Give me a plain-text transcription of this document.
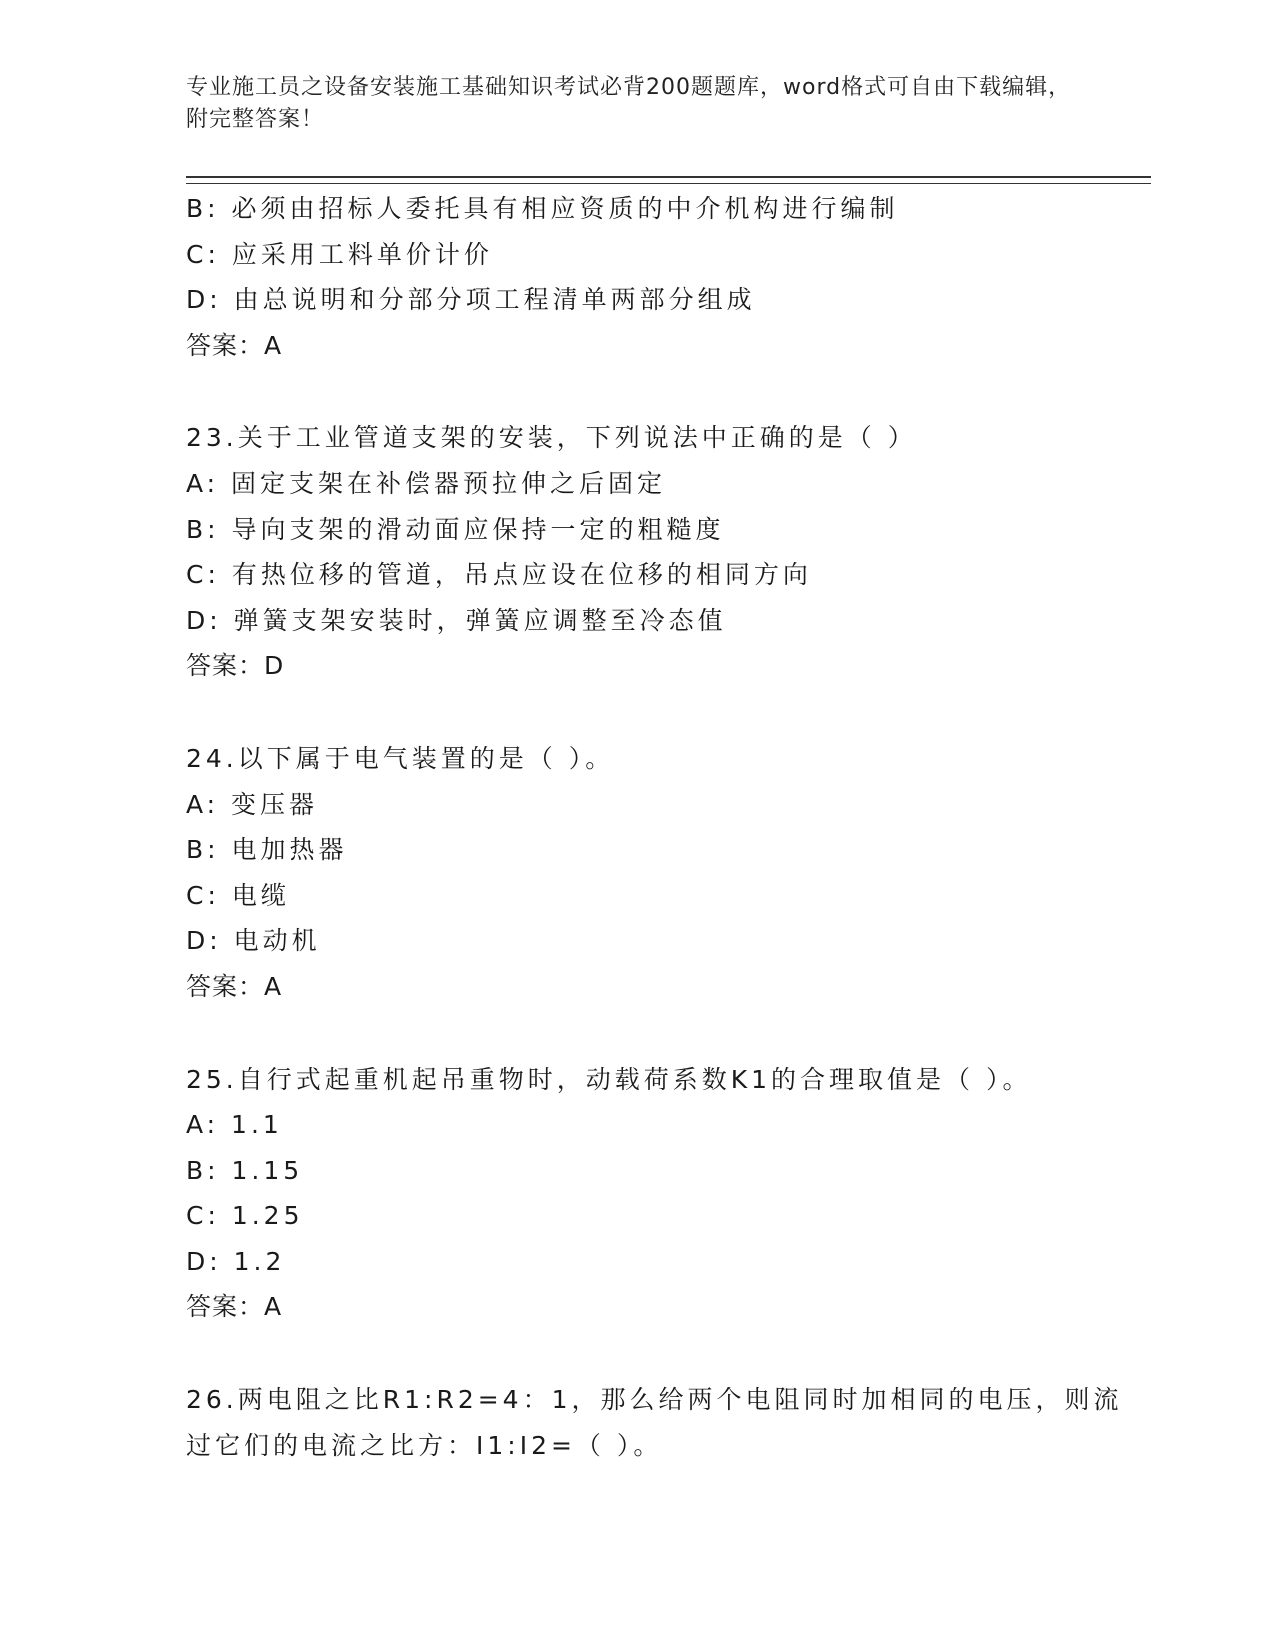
专业施工员之设备安装施工基础知识考试必背200题题库，word格式可自由下载编辑，附完整答案！
B: 必须由招标人委托具有相应资质的中介机构进行编制
C: 应采用工料单价计价
D: 由总说明和分部分项工程清单两部分组成
答案：A
23.关于工业管道支架的安装，下列说法中正确的是（ ）
A: 固定支架在补偿器预拉伸之后固定
B: 导向支架的滑动面应保持一定的粗糙度
C: 有热位移的管道，吊点应设在位移的相同方向
D: 弹簧支架安装时，弹簧应调整至冷态值
答案：D
24.以下属于电气装置的是（ ）。
A: 变压器
B: 电加热器
C: 电缆
D: 电动机
答案：A
25.自行式起重机起吊重物时，动载荷系数K1的合理取值是（ ）。
A: 1.1
B: 1.15
C: 1.25
D: 1.2
答案：A
26.两电阻之比R1:R2=4：1，那么给两个电阻同时加相同的电压，则流过它们的电流之比方：I1:I2=（ ）。
